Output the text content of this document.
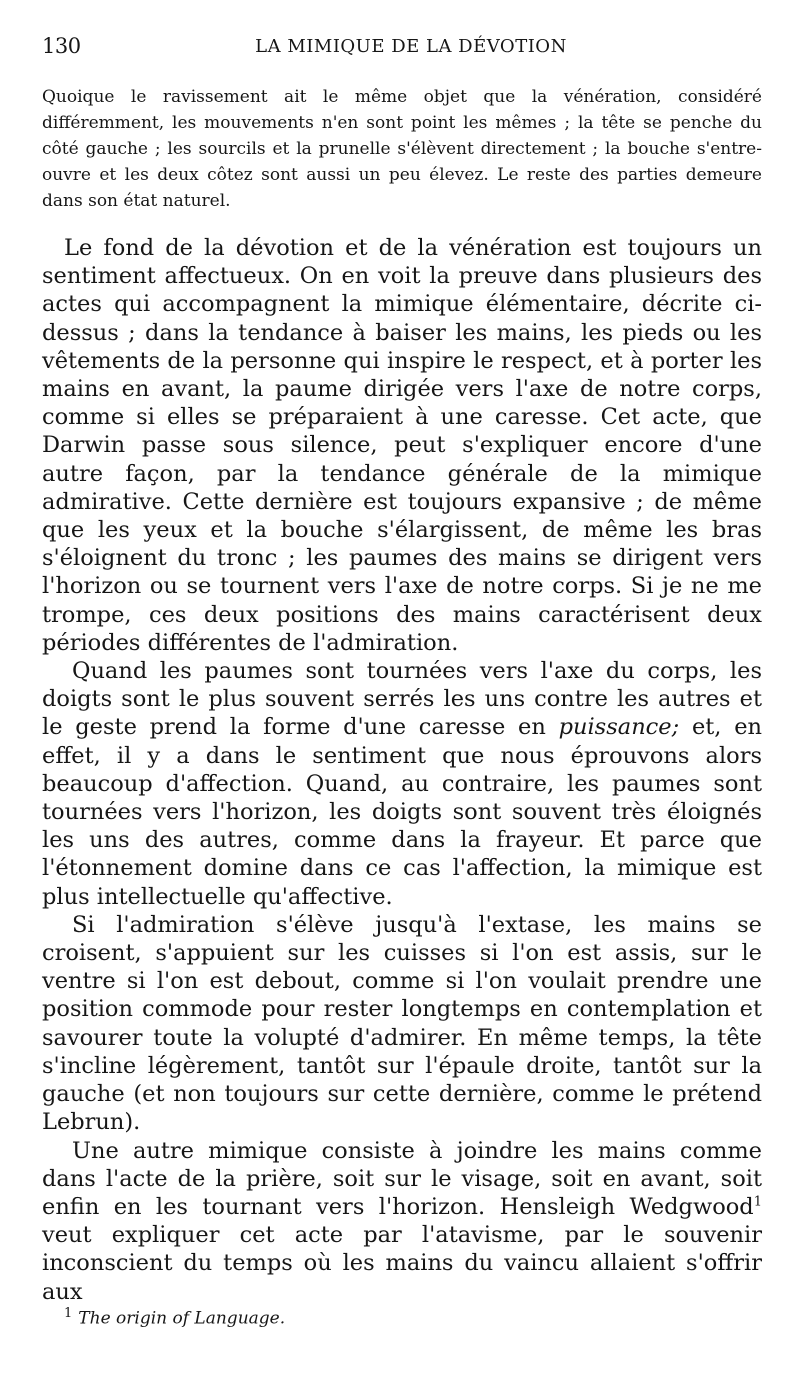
130	LA MIMIQUE DE LA DÉVOTION
Quoique le ravissement ait le même objet que la vénération, considéré différemment, les mouvements n'en sont point les mêmes ; la tête se penche du côté gauche ; les sourcils et la prunelle s'élèvent directement ; la bouche s'entre-ouvre et les deux côtez sont aussi un peu élevez. Le reste des parties demeure dans son état naturel.

Le fond de la dévotion et de la vénération est toujours un sentiment affectueux. On en voit la preuve dans plusieurs des actes qui accompagnent la mimique élémentaire, décrite ci-dessus ; dans la tendance à baiser les mains, les pieds ou les vêtements de la personne qui inspire le respect, et à porter les mains en avant, la paume dirigée vers l'axe de notre corps, comme si elles se préparaient à une caresse. Cet acte, que Darwin passe sous silence, peut s'expliquer encore d'une autre façon, par la tendance générale de la mimique admirative. Cette dernière est toujours expansive ; de même que les yeux et la bouche s'élargissent, de même les bras s'éloignent du tronc ; les paumes des mains se dirigent vers l'horizon ou se tournent vers l'axe de notre corps. Si je ne me trompe, ces deux positions des mains caractérisent deux périodes différentes de l'admiration.

Quand les paumes sont tournées vers l'axe du corps, les doigts sont le plus souvent serrés les uns contre les autres et le geste prend la forme d'une caresse en puissance; et, en effet, il y a dans le sentiment que nous éprouvons alors beaucoup d'affection. Quand, au contraire, les paumes sont tournées vers l'horizon, les doigts sont souvent très éloignés les uns des autres, comme dans la frayeur. Et parce que l'étonnement domine dans ce cas l'affection, la mimique est plus intellectuelle qu'affective.

Si l'admiration s'élève jusqu'à l'extase, les mains se croisent, s'appuient sur les cuisses si l'on est assis, sur le ventre si l'on est debout, comme si l'on voulait prendre une position commode pour rester longtemps en contemplation et savourer toute la volupté d'admirer. En même temps, la tête s'incline légèrement, tantôt sur l'épaule droite, tantôt sur la gauche (et non toujours sur cette dernière, comme le prétend Lebrun).

Une autre mimique consiste à joindre les mains comme dans l'acte de la prière, soit sur le visage, soit en avant, soit enfin en les tournant vers l'horizon. Hensleigh Wedgwood$^1$ veut expliquer cet acte par l'atavisme, par le souvenir inconscient du temps où les mains du vaincu allaient s'offrir aux

$^1$ The origin of Language.
